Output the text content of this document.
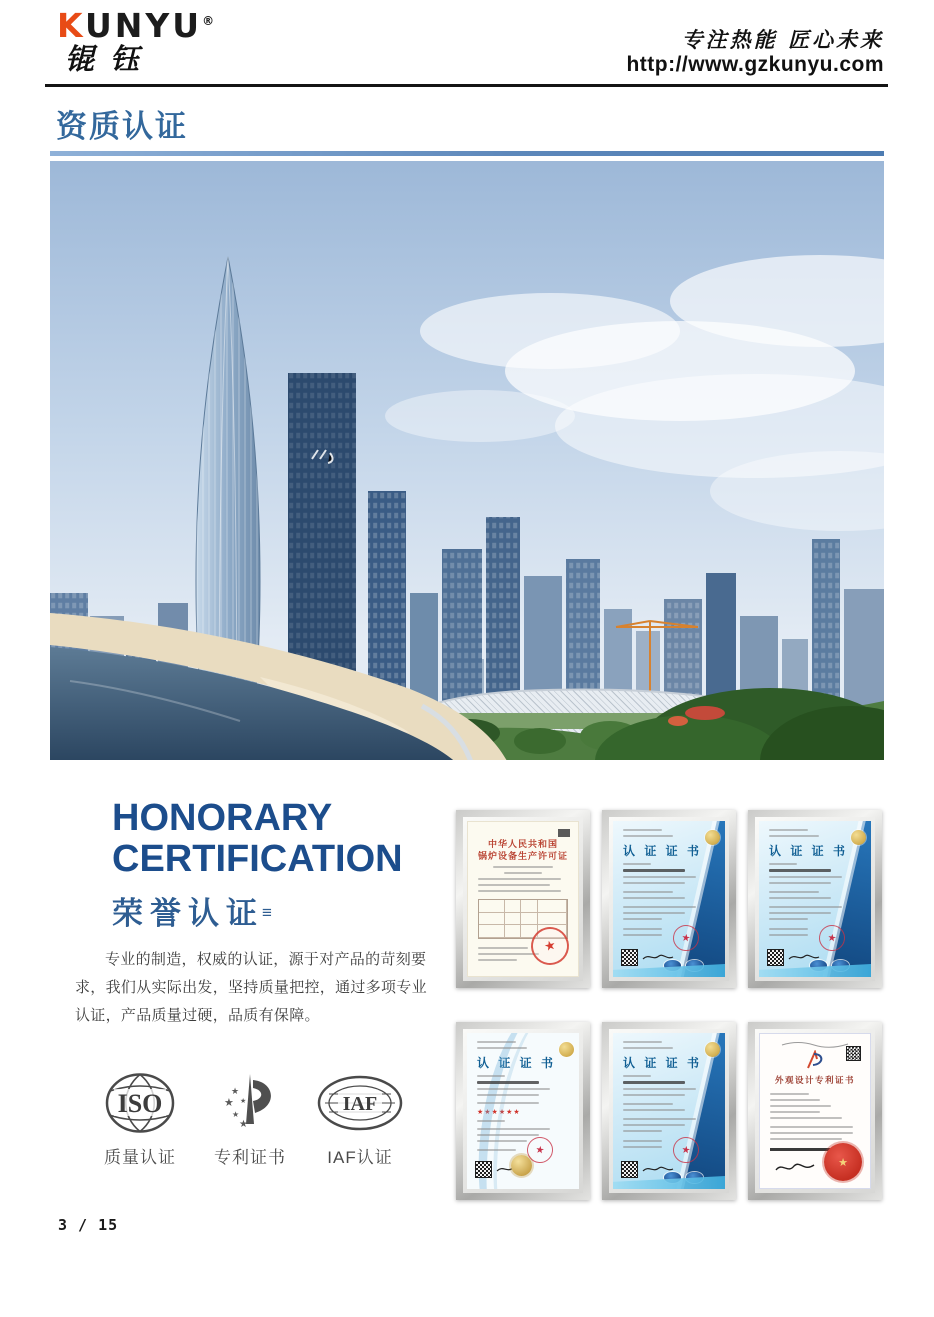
KUNYU®
锟钰
专注热能 匠心未来
http://www.gzkunyu.com
资质认证
HONORARY
CERTIFICATION
荣誉认证≡
专业的制造，权威的认证，源于对产品的苛刻要求，我们从实际出发，坚持质量把控，通过多项专业认证，产品质量过硬，品质有保障。
ISO
质量认证
★
★
★
★
★
专利证书
IAF
IAF认证
中华人民共和国
锅炉设备生产许可证
★
认 证 证 书
★
认 证 证 书
★
认 证 证 书
★★★★★★
★
认 证 证 书
★
外观设计专利证书
★
3 / 15
